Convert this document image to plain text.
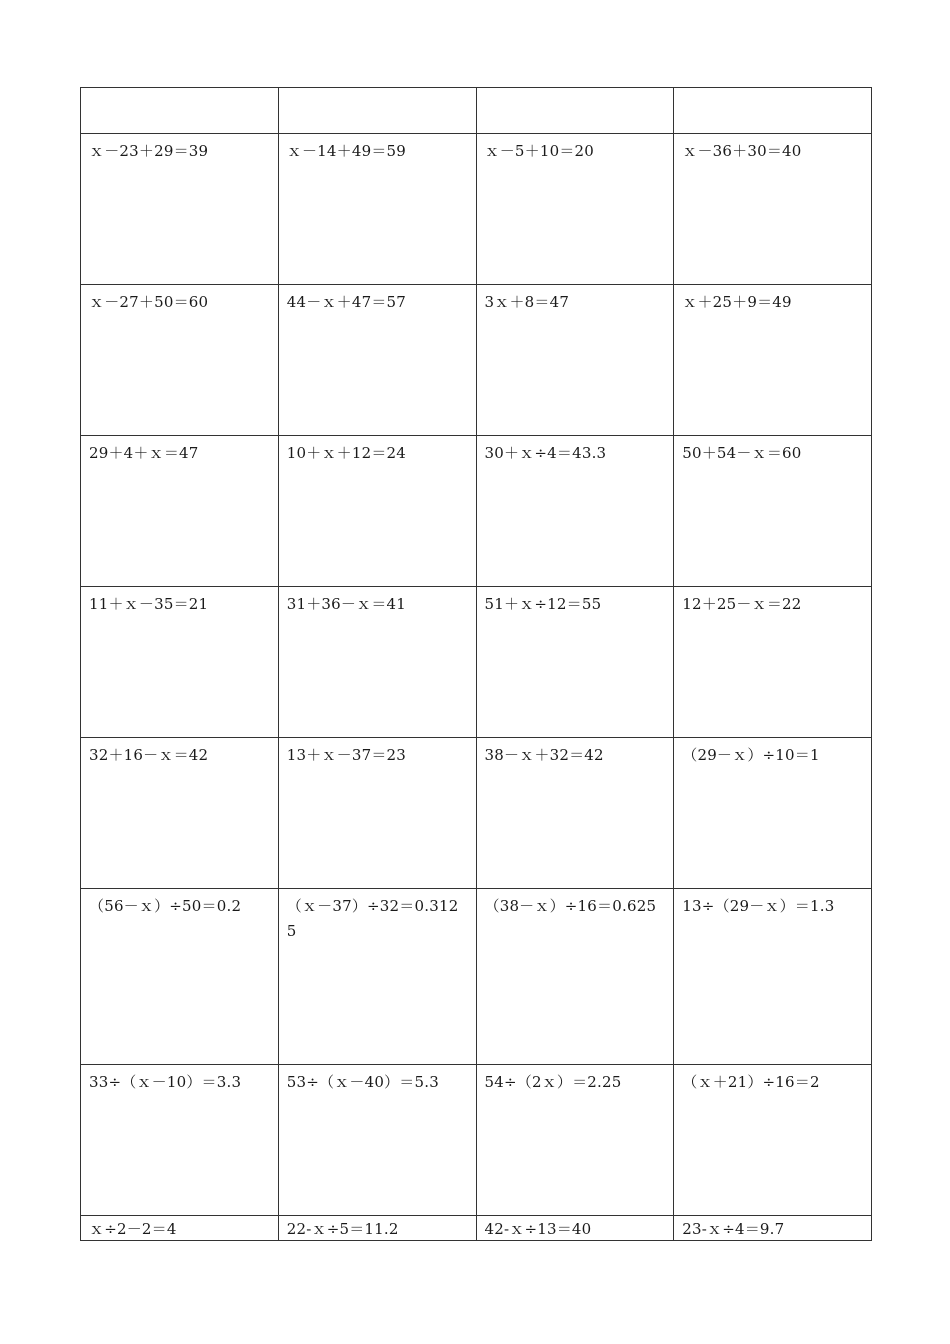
ｘ－23＋29＝39	ｘ－14＋49＝59	ｘ－5＋10＝20	ｘ－36＋30＝40
ｘ－27＋50＝60	44－ｘ＋47＝57	3ｘ＋8＝47	ｘ＋25＋9＝49
29＋4＋ｘ＝47	10＋ｘ＋12＝24	30＋ｘ÷4＝43.3	50＋54－ｘ＝60
11＋ｘ－35＝21	31＋36－ｘ＝41	51＋ｘ÷12＝55	12＋25－ｘ＝22
32＋16－ｘ＝42	13＋ｘ－37＝23	38－ｘ＋32＝42	（29－ｘ）÷10＝1
（56－ｘ）÷50＝0.2	（ｘ－37）÷32＝0.3125	（38－ｘ）÷16＝0.625	13÷（29－ｘ）＝1.3
33÷（ｘ－10）＝3.3	53÷（ｘ－40）＝5.3	54÷（2ｘ）＝2.25	（ｘ＋21）÷16＝2
ｘ÷2－2＝4	22-ｘ÷5＝11.2	42-ｘ÷13＝40	23-ｘ÷4＝9.7
